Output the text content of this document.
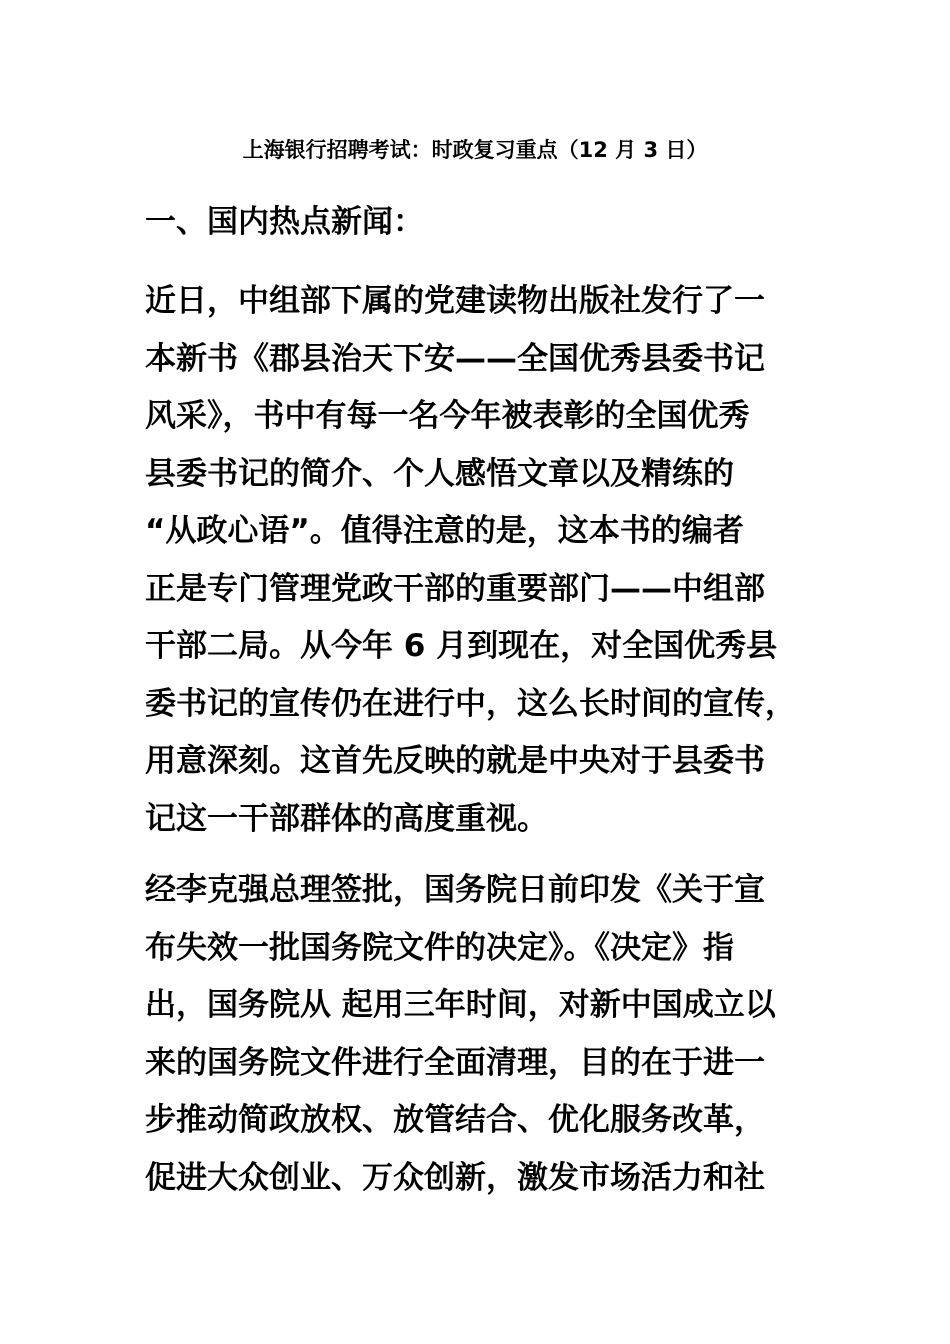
上海银行招聘考试：时政复习重点（12 月 3 日）
一、国内热点新闻：
近日，中组部下属的党建读物出版社发行了一
本新书《郡县治天下安——全国优秀县委书记
风采》，书中有每一名今年被表彰的全国优秀
县委书记的简介、个人感悟文章以及精练的
“从政心语”。值得注意的是，这本书的编者
正是专门管理党政干部的重要部门——中组部
干部二局。从今年 6 月到现在，对全国优秀县
委书记的宣传仍在进行中，这么长时间的宣传，
用意深刻。这首先反映的就是中央对于县委书
记这一干部群体的高度重视。
经李克强总理签批，国务院日前印发《关于宣
布失效一批国务院文件的决定》。《决定》指
出，国务院从 起用三年时间，对新中国成立以
来的国务院文件进行全面清理，目的在于进一
步推动简政放权、放管结合、优化服务改革，
促进大众创业、万众创新，激发市场活力和社
